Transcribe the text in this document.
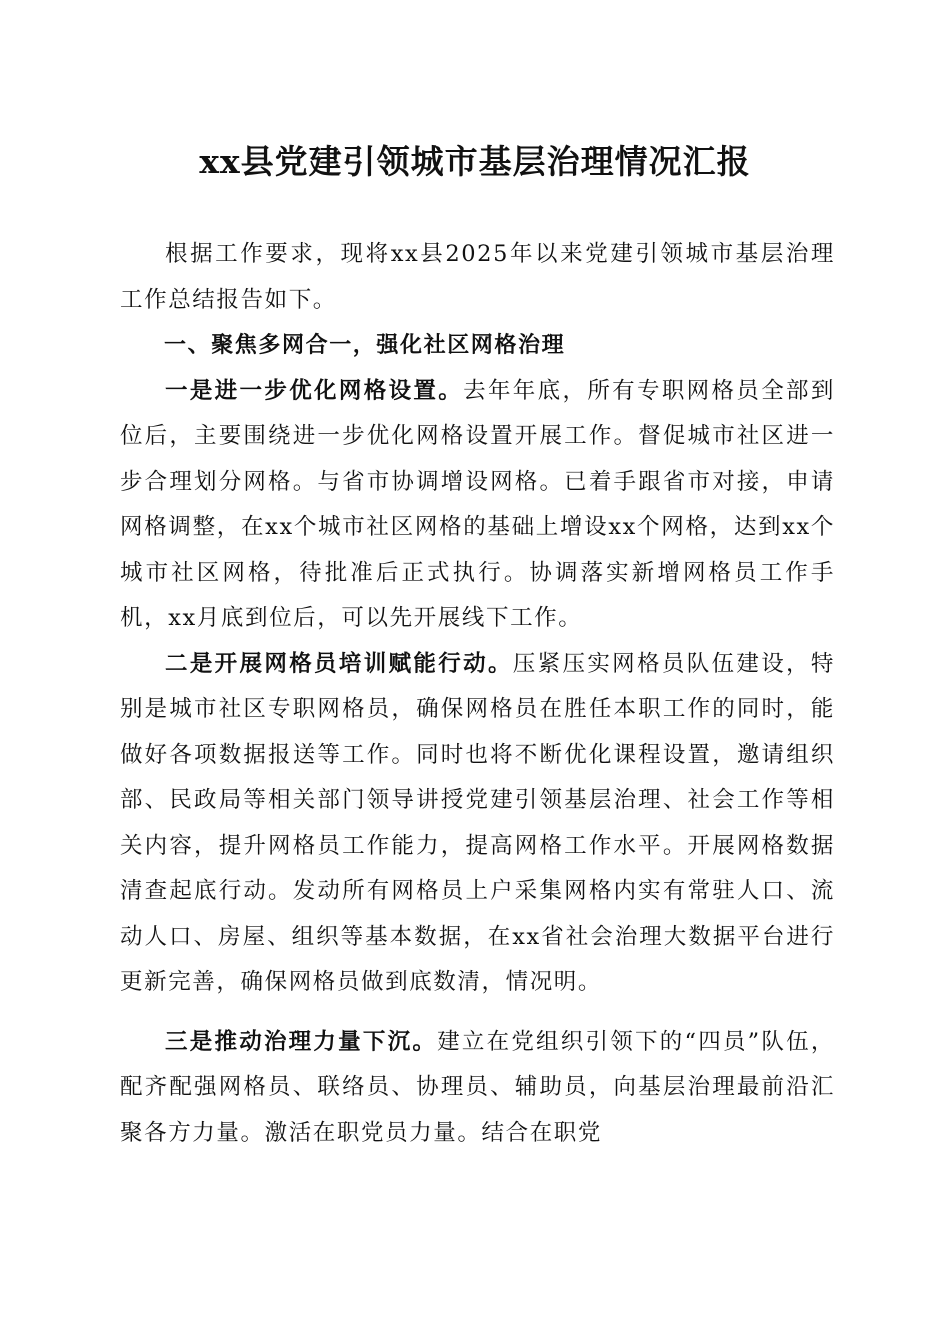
xx县党建引领城市基层治理情况汇报

根据工作要求，现将xx县2025年以来党建引领城市基层治理工作总结报告如下。

一、聚焦多网合一，强化社区网格治理

一是进一步优化网格设置。去年年底，所有专职网格员全部到位后，主要围绕进一步优化网格设置开展工作。督促城市社区进一步合理划分网格。与省市协调增设网格。已着手跟省市对接，申请网格调整，在xx个城市社区网格的基础上增设xx个网格，达到xx个城市社区网格，待批准后正式执行。协调落实新增网格员工作手机，xx月底到位后，可以先开展线下工作。

二是开展网格员培训赋能行动。压紧压实网格员队伍建设，特别是城市社区专职网格员，确保网格员在胜任本职工作的同时，能做好各项数据报送等工作。同时也将不断优化课程设置，邀请组织部、民政局等相关部门领导讲授党建引领基层治理、社会工作等相关内容，提升网格员工作能力，提高网格工作水平。开展网格数据清查起底行动。发动所有网格员上户采集网格内实有常驻人口、流动人口、房屋、组织等基本数据，在xx省社会治理大数据平台进行更新完善，确保网格员做到底数清，情况明。

三是推动治理力量下沉。建立在党组织引领下的“四员”队伍，配齐配强网格员、联络员、协理员、辅助员，向基层治理最前沿汇聚各方力量。激活在职党员力量。结合在职党
